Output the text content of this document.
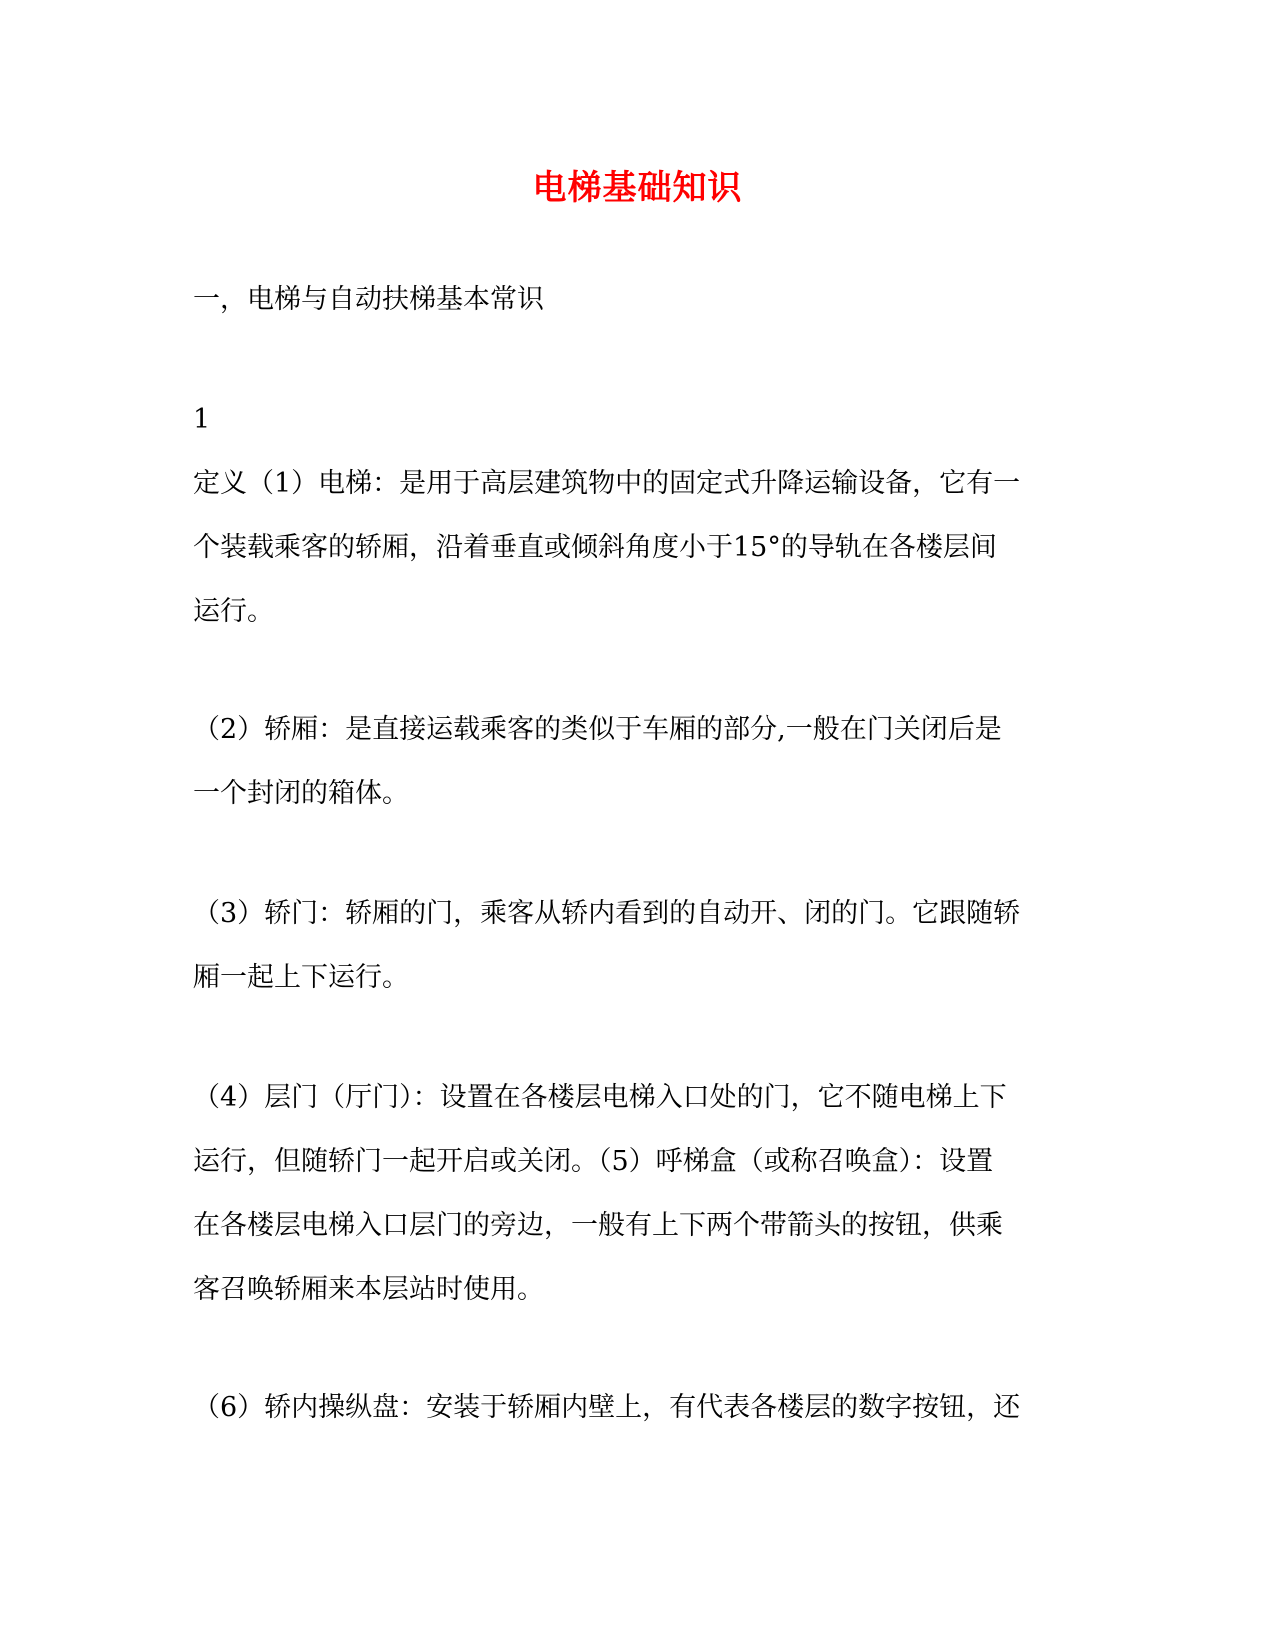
电梯基础知识

一，电梯与自动扶梯基本常识

1

定义（1）电梯：是用于高层建筑物中的固定式升降运输设备，它有一
个装载乘客的轿厢，沿着垂直或倾斜角度小于15°的导轨在各楼层间
运行。

（2）轿厢：是直接运载乘客的类似于车厢的部分,一般在门关闭后是
一个封闭的箱体。

（3）轿门：轿厢的门，乘客从轿内看到的自动开、闭的门。它跟随轿
厢一起上下运行。

（4）层门（厅门）：设置在各楼层电梯入口处的门，它不随电梯上下
运行，但随轿门一起开启或关闭。（5）呼梯盒（或称召唤盒）：设置
在各楼层电梯入口层门的旁边，一般有上下两个带箭头的按钮，供乘
客召唤轿厢来本层站时使用。

（6）轿内操纵盘：安装于轿厢内壁上，有代表各楼层的数字按钮，还
